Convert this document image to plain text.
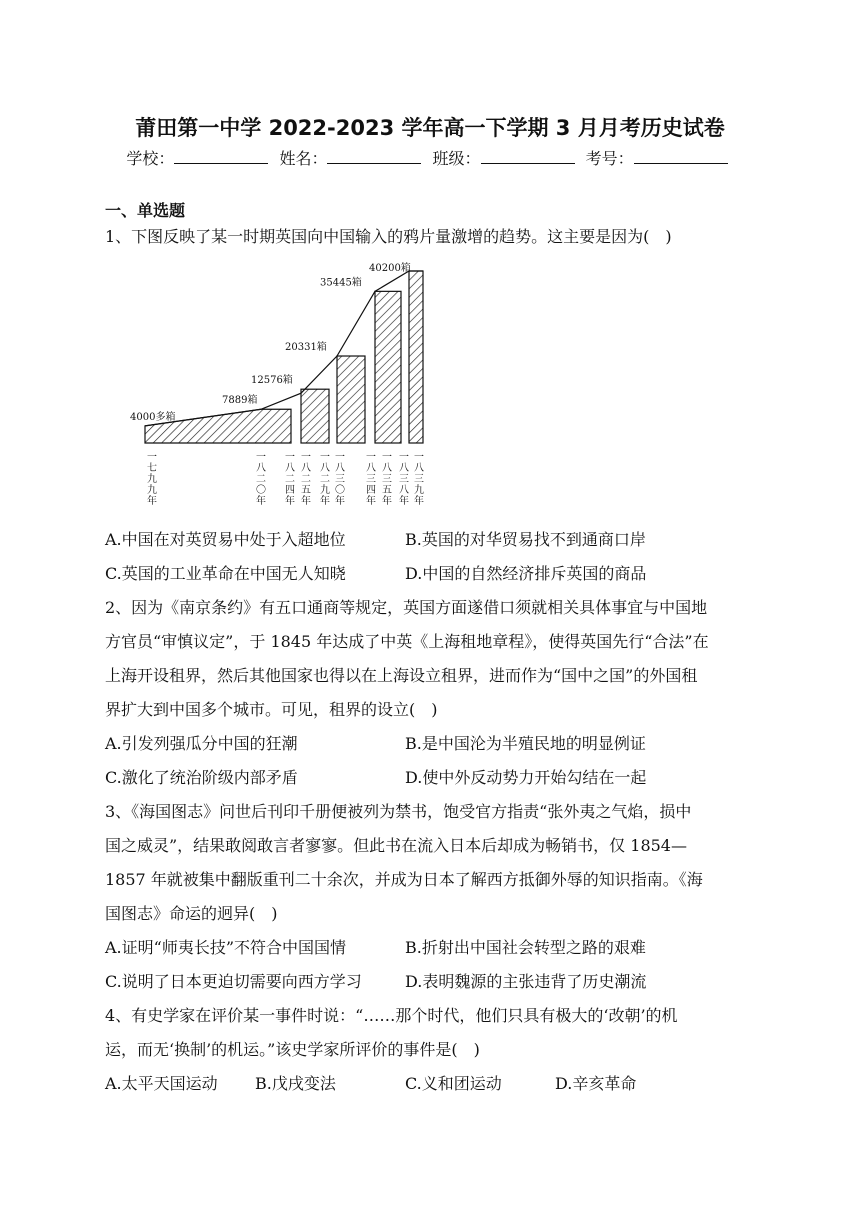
莆田第一中学 2022-2023 学年高一下学期 3 月月考历史试卷
学校：	姓名：	班级：	考号：
一、单选题
1、下图反映了某一时期英国向中国输入的鸦片量激增的趋势。这主要是因为(　)
4000多箱
7889箱
12576箱
20331箱
35445箱
40200箱
一
七
九
九
年
一
八
二
〇
年
一
八
二
四
年
一
八
二
五
年
一
八
二
九
年
一
八
三
〇
年
一
八
三
四
年
一
八
三
五
年
一
八
三
八
年
一
八
三
九
年
A.中国在对英贸易中处于入超地位	B.英国的对华贸易找不到通商口岸
C.英国的工业革命在中国无人知晓	D.中国的自然经济排斥英国的商品
2、因为《南京条约》有五口通商等规定，英国方面遂借口须就相关具体事宜与中国地
方官员“审慎议定”，于 1845 年达成了中英《上海租地章程》，使得英国先行“合法”在
上海开设租界，然后其他国家也得以在上海设立租界，进而作为“国中之国”的外国租
界扩大到中国多个城市。可见，租界的设立(　)
A.引发列强瓜分中国的狂潮	B.是中国沦为半殖民地的明显例证
C.激化了统治阶级内部矛盾	D.使中外反动势力开始勾结在一起
3、《海国图志》问世后刊印千册便被列为禁书，饱受官方指责“张外夷之气焰，损中
国之威灵”，结果敢阅敢言者寥寥。但此书在流入日本后却成为畅销书，仅 1854—
1857 年就被集中翻版重刊二十余次，并成为日本了解西方抵御外辱的知识指南。《海
国图志》命运的迥异(　)
A.证明“师夷长技”不符合中国国情	B.折射出中国社会转型之路的艰难
C.说明了日本更迫切需要向西方学习	D.表明魏源的主张违背了历史潮流
4、有史学家在评价某一事件时说：“……那个时代，他们只具有极大的‘改朝’的机
运，而无‘换制’的机运。”该史学家所评价的事件是(　)
A.太平天国运动 B.戊戌变法	C.义和团运动	D.辛亥革命
